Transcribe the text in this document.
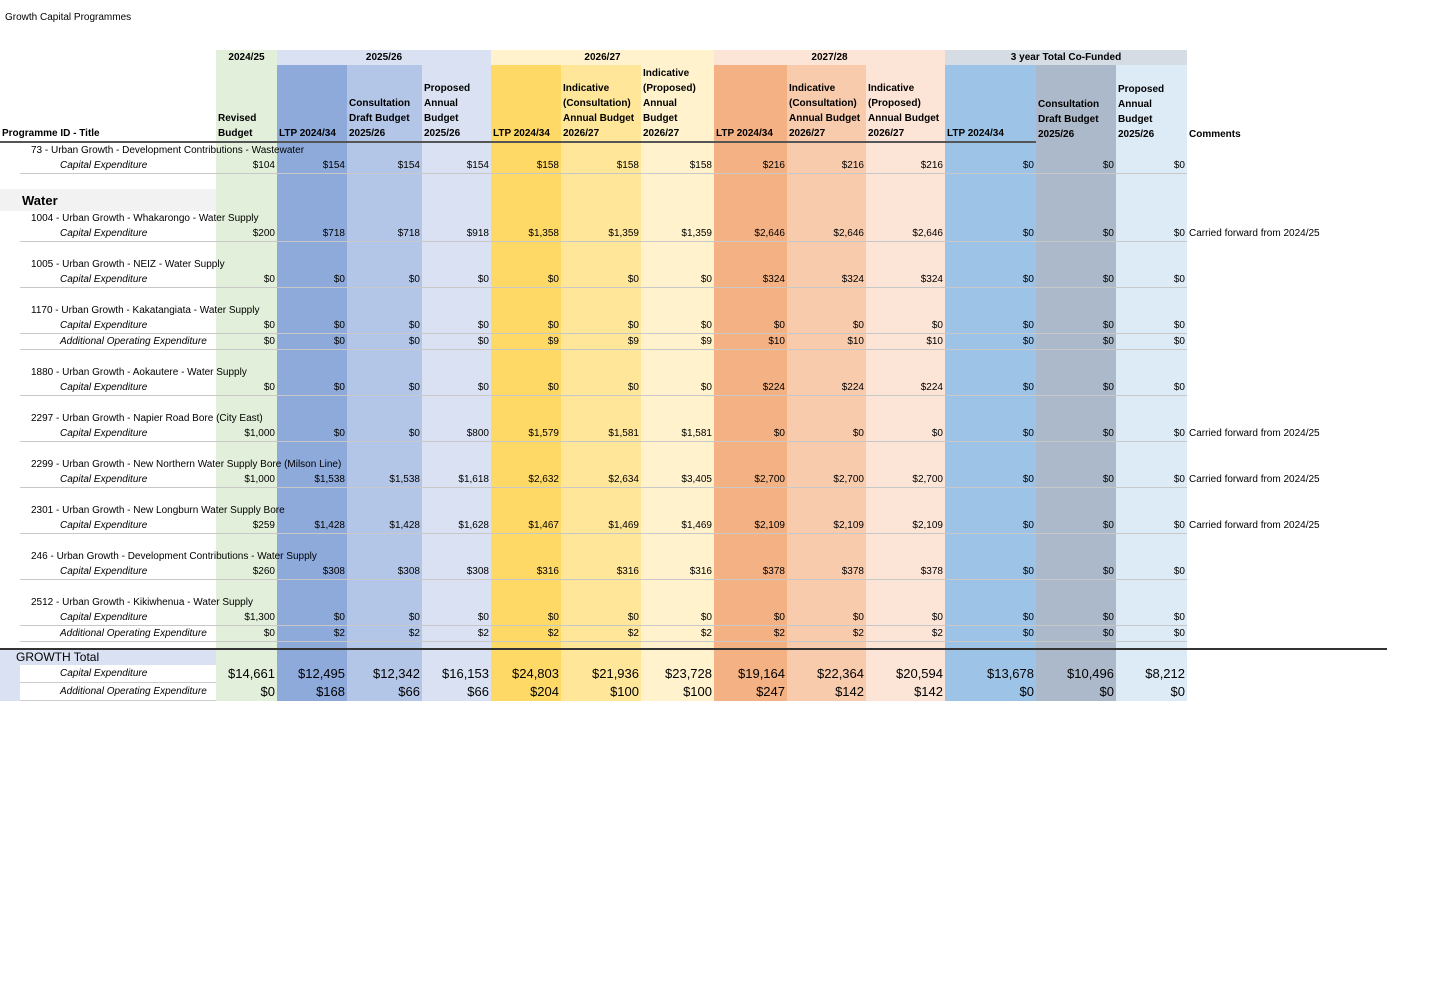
Growth Capital Programmes
		2024/25	2025/26			2026/27			2027/28			3 year Total Co-Funded			
Programme ID - Title		Revised Budget	LTP 2024/34	Consultation Draft Budget 2025/26	Proposed Annual Budget 2025/26	LTP 2024/34	Indicative (Consultation) Annual Budget 2026/27	Indicative (Proposed) Annual Budget 2026/27	LTP 2024/34	Indicative (Consultation) Annual Budget 2026/27	Indicative (Proposed) Annual Budget 2026/27	LTP 2024/34	Consultation Draft Budget 2025/26	Proposed Annual Budget 2025/26	Comments

73 - Urban Growth - Development Contributions - Wastewater															

	Capital Expenditure	$104	$154	$154	$154	$158	$158	$158	$216	$216	$216	$0	$0	$0	

Water															

1004 - Urban Growth - Whakarongo - Water Supply															

	Capital Expenditure	$200	$718	$718	$918	$1,358	$1,359	$1,359	$2,646	$2,646	$2,646	$0	$0	$0	Carried forward from 2024/25

1005 - Urban Growth - NEIZ - Water Supply															

	Capital Expenditure	$0	$0	$0	$0	$0	$0	$0	$324	$324	$324	$0	$0	$0	

1170 - Urban Growth - Kakatangiata - Water Supply															

	Capital Expenditure	$0	$0	$0	$0	$0	$0	$0	$0	$0	$0	$0	$0	$0	
	Additional Operating Expenditure	$0	$0	$0	$0	$9	$9	$9	$10	$10	$10	$0	$0	$0	

1880 - Urban Growth - Aokautere - Water Supply															

	Capital Expenditure	$0	$0	$0	$0	$0	$0	$0	$224	$224	$224	$0	$0	$0	

2297 - Urban Growth - Napier Road Bore (City East)															

	Capital Expenditure	$1,000	$0	$0	$800	$1,579	$1,581	$1,581	$0	$0	$0	$0	$0	$0	Carried forward from 2024/25

2299 - Urban Growth - New Northern Water Supply Bore (Milson Line)															

	Capital Expenditure	$1,000	$1,538	$1,538	$1,618	$2,632	$2,634	$3,405	$2,700	$2,700	$2,700	$0	$0	$0	Carried forward from 2024/25

2301 - Urban Growth - New Longburn Water Supply Bore															

	Capital Expenditure	$259	$1,428	$1,428	$1,628	$1,467	$1,469	$1,469	$2,109	$2,109	$2,109	$0	$0	$0	Carried forward from 2024/25

246 - Urban Growth - Development Contributions - Water Supply															

	Capital Expenditure	$260	$308	$308	$308	$316	$316	$316	$378	$378	$378	$0	$0	$0	

2512 - Urban Growth - Kikiwhenua - Water Supply															

	Capital Expenditure	$1,300	$0	$0	$0	$0	$0	$0	$0	$0	$0	$0	$0	$0	
	Additional Operating Expenditure	$0	$2	$2	$2	$2	$2	$2	$2	$2	$2	$0	$0	$0	

GROWTH Total															
	Capital Expenditure	$14,661	$12,495	$12,342	$16,153	$24,803	$21,936	$23,728	$19,164	$22,364	$20,594	$13,678	$10,496	$8,212	
	Additional Operating Expenditure	$0	$168	$66	$66	$204	$100	$100	$247	$142	$142	$0	$0	$0	
